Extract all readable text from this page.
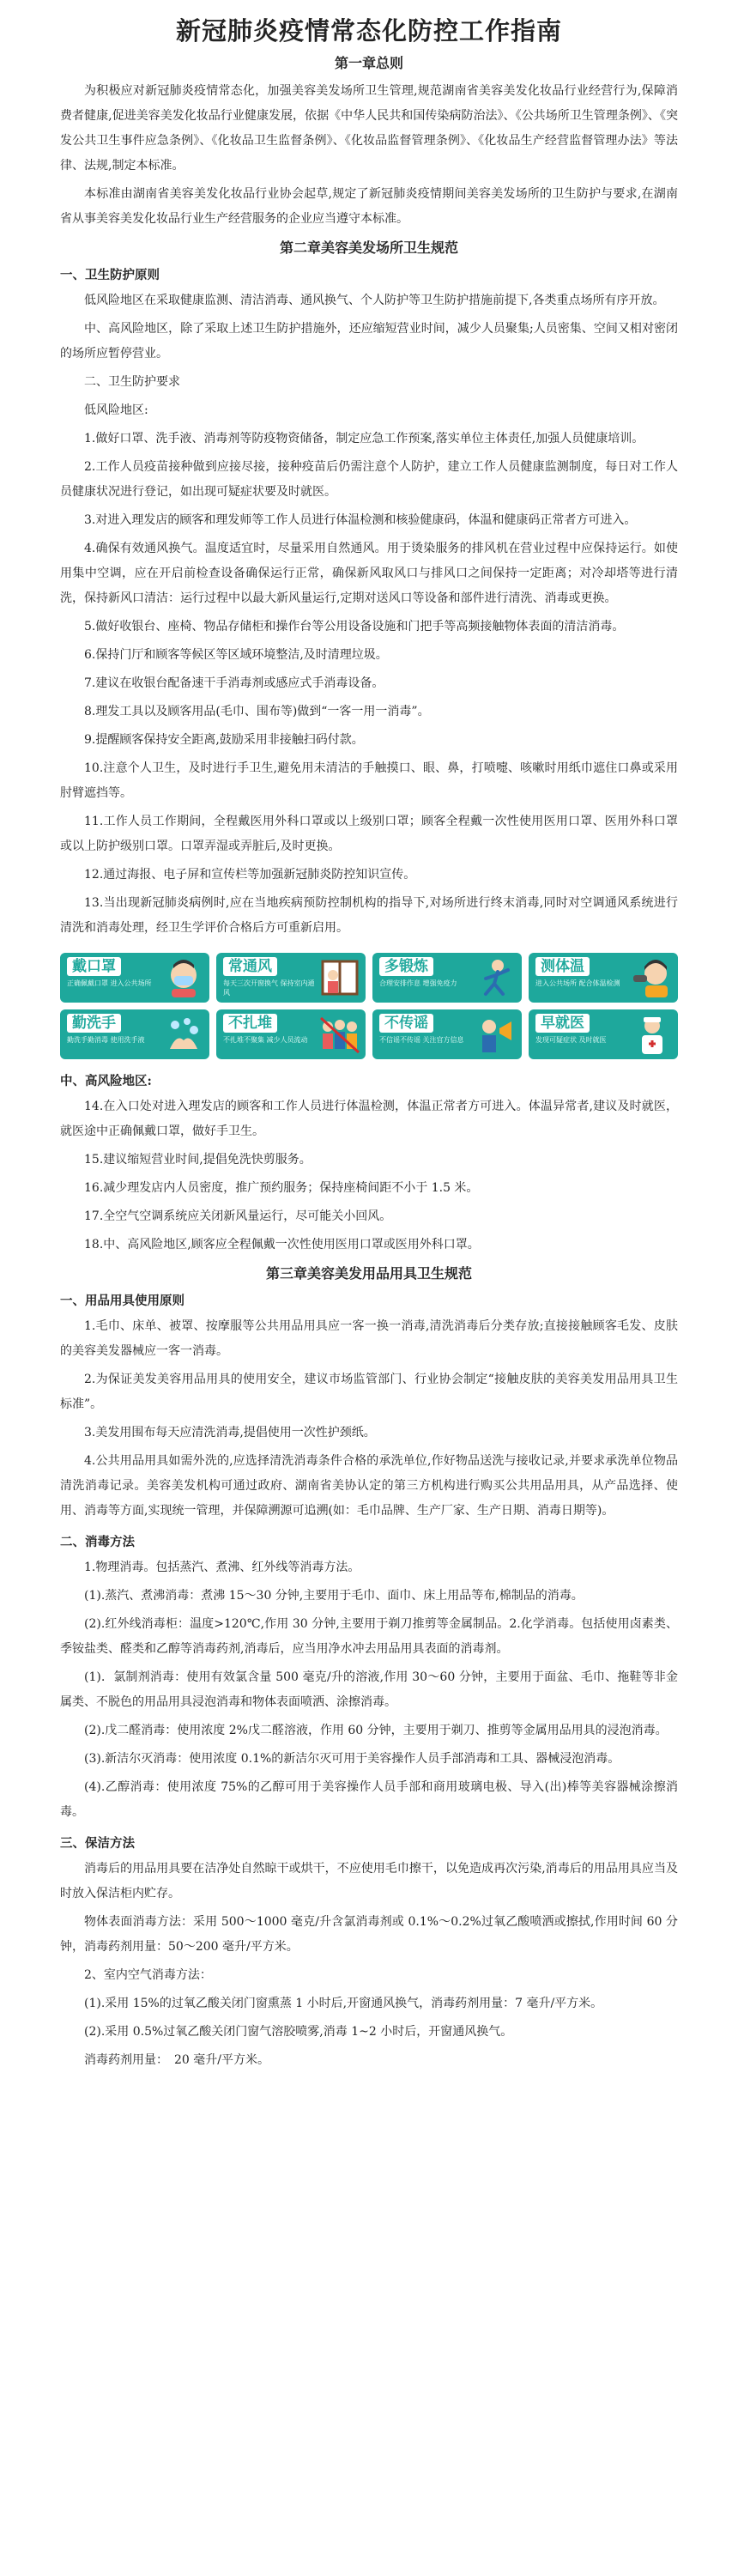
新冠肺炎疫情常态化防控工作指南
第一章总则

为积极应对新冠肺炎疫情常态化，加强美容美发场所卫生管理,规范湖南省美容美发化妆品行业经营行为,保障消费者健康,促进美容美发化妆品行业健康发展，依据《中华人民共和国传染病防治法》、《公共场所卫生管理条例》、《突发公共卫生事件应急条例》、《化妆品卫生监督条例》、《化妆品监督管理条例》、《化妆品生产经营监督管理办法》等法律、法规,制定本标准。

本标准由湖南省美容美发化妆品行业协会起草,规定了新冠肺炎疫情期间美容美发场所的卫生防护与要求,在湖南省从事美容美发化妆品行业生产经营服务的企业应当遵守本标准。

第二章美容美发场所卫生规范
一、卫生防护原则

低风险地区在采取健康监测、清洁消毒、通风换气、个人防护等卫生防护措施前提下,各类重点场所有序开放。

中、高风险地区，除了采取上述卫生防护措施外，还应缩短营业时间，减少人员聚集;人员密集、空间又相对密闭的场所应暂停营业。

二、卫生防护要求

低风险地区:

1.做好口罩、洗手液、消毒剂等防疫物资储备，制定应急工作预案,落实单位主体责任,加强人员健康培训。

2.工作人员疫苗接种做到应接尽接，接种疫苗后仍需注意个人防护，建立工作人员健康监测制度，每日对工作人员健康状况进行登记，如出现可疑症状要及时就医。

3.对进入理发店的顾客和理发师等工作人员进行体温检测和核验健康码，体温和健康码正常者方可进入。

4.确保有效通风换气。温度适宜时，尽量采用自然通风。用于烫染服务的排风机在营业过程中应保持运行。如使用集中空调，应在开启前检查设备确保运行正常，确保新风取风口与排风口之间保持一定距离；对冷却塔等进行清洗，保持新风口清洁：运行过程中以最大新风量运行,定期对送风口等设备和部件进行清洗、消毒或更换。

5.做好收银台、座椅、物品存储柜和操作台等公用设备设施和门把手等高频接触物体表面的清洁消毒。

6.保持门厅和顾客等候区等区域环境整洁,及时清理垃圾。

7.建议在收银台配备速干手消毒剂或感应式手消毒设备。

8.理发工具以及顾客用品(毛巾、围布等)做到“一客一用一消毒”。

9.提醒顾客保持安全距离,鼓励采用非接触扫码付款。

10.注意个人卫生，及时进行手卫生,避免用未清洁的手触摸口、眼、鼻，打喷嚏、咳嗽时用纸巾遮住口鼻或采用肘臂遮挡等。

11.工作人员工作期间，全程戴医用外科口罩或以上级别口罩；顾客全程戴一次性使用医用口罩、医用外科口罩或以上防护级别口罩。口罩弄湿或弄脏后,及时更换。

12.通过海报、电子屏和宣传栏等加强新冠肺炎防控知识宣传。

13.当出现新冠肺炎病例时,应在当地疾病预防控制机构的指导下,对场所进行终末消毒,同时对空调通风系统进行清洗和消毒处理，经卫生学评价合格后方可重新启用。

戴口罩
正确佩戴口罩 进入公共场所
常通风
每天三次开窗换气 保持室内通风
多锻炼
合理安排作息 增强免疫力
测体温
进入公共场所 配合体温检测
勤洗手
勤洗手勤消毒 使用洗手液
不扎堆
不扎堆不聚集 减少人员流动
不传谣
不信谣不传谣 关注官方信息
早就医
发现可疑症状 及时就医
中、高风险地区:

14.在入口处对进入理发店的顾客和工作人员进行体温检测，体温正常者方可进入。体温异常者,建议及时就医，就医途中正确佩戴口罩，做好手卫生。

15.建议缩短营业时间,提倡免洗快剪服务。

16.减少理发店内人员密度，推广预约服务；保持座椅间距不小于 1.5 米。

17.全空气空调系统应关闭新风量运行，尽可能关小回风。

18.中、高风险地区,顾客应全程佩戴一次性使用医用口罩或医用外科口罩。

第三章美容美发用品用具卫生规范
一、用品用具使用原则

1.毛巾、床单、被罩、按摩服等公共用品用具应一客一换一消毒,清洗消毒后分类存放;直接接触顾客毛发、皮肤的美容美发器械应一客一消毒。

2.为保证美发美容用品用具的使用安全，建议市场监管部门、行业协会制定“接触皮肤的美容美发用品用具卫生标准”。

3.美发用围布每天应清洗消毒,提倡使用一次性护颈纸。

4.公共用品用具如需外洗的,应选择清洗消毒条件合格的承洗单位,作好物品送洗与接收记录,并要求承洗单位物品清洗消毒记录。美容美发机构可通过政府、湖南省美协认定的第三方机构进行购买公共用品用具，从产品选择、使用、消毒等方面,实现统一管理，并保障溯源可追溯(如：毛巾品牌、生产厂家、生产日期、消毒日期等)。

二、消毒方法

1.物理消毒。包括蒸汽、煮沸、红外线等消毒方法。

(1).蒸汽、煮沸消毒：煮沸 15～30 分钟,主要用于毛巾、面巾、床上用品等布,棉制品的消毒。

(2).红外线消毒柜：温度>120℃,作用 30 分钟,主要用于剃刀推剪等金属制品。2.化学消毒。包括使用卤素类、季铵盐类、醛类和乙醇等消毒药剂,消毒后，应当用净水冲去用品用具表面的消毒剂。

(1)．氯制剂消毒：使用有效氯含量 500 毫克/升的溶液,作用 30～60 分钟，主要用于面盆、毛巾、拖鞋等非金属类、不脱色的用品用具浸泡消毒和物体表面喷洒、涂擦消毒。

(2).戊二醛消毒：使用浓度 2%戊二醛溶液，作用 60 分钟，主要用于剃刀、推剪等金属用品用具的浸泡消毒。

(3).新洁尔灭消毒：使用浓度 0.1%的新洁尔灭可用于美容操作人员手部消毒和工具、器械浸泡消毒。

(4).乙醇消毒：使用浓度 75%的乙醇可用于美容操作人员手部和商用玻璃电极、导入(出)棒等美容器械涂擦消毒。

三、保洁方法

消毒后的用品用具要在洁净处自然晾干或烘干，不应使用毛巾擦干，以免造成再次污染,消毒后的用品用具应当及时放入保洁柜内贮存。

物体表面消毒方法：采用 500～1000 毫克/升含氯消毒剂或 0.1%～0.2%过氧乙酸喷洒或擦拭,作用时间 60 分钟，消毒药剂用量：50～200 毫升/平方米。

2、室内空气消毒方法：

(1).采用 15%的过氧乙酸关闭门窗熏蒸 1 小时后,开窗通风换气，消毒药剂用量：7 毫升/平方米。

(2).采用 0.5%过氧乙酸关闭门窗气溶胶喷雾,消毒 1~2 小时后，开窗通风换气。

消毒药剂用量：　20 毫升/平方米。
